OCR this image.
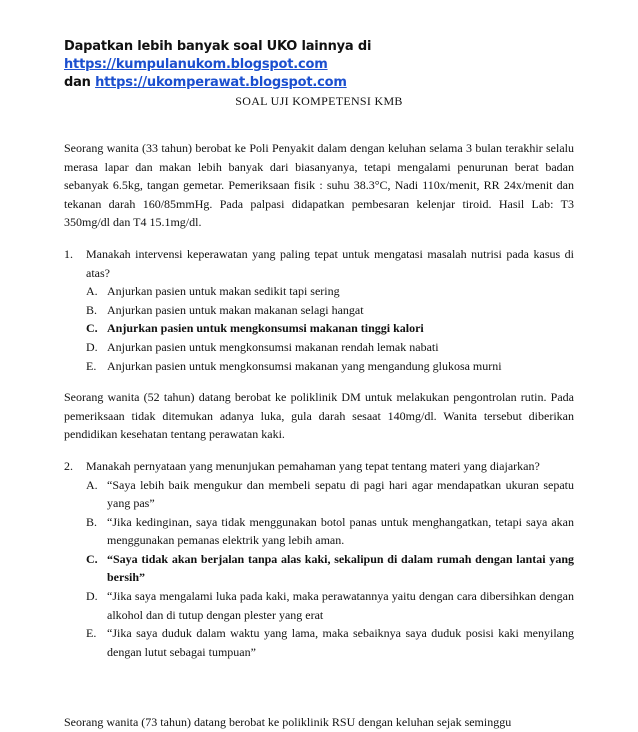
Dapatkan lebih banyak soal UKO lainnya di https://kumpulanukom.blogspot.com
dan https://ukomperawat.blogspot.com
SOAL UJI KOMPETENSI KMB
Seorang wanita (33 tahun) berobat ke Poli Penyakit dalam dengan keluhan selama 3 bulan terakhir selalu merasa lapar dan makan lebih banyak dari biasanyanya, tetapi mengalami penurunan berat badan sebanyak 6.5kg, tangan gemetar. Pemeriksaan fisik : suhu 38.3°C, Nadi 110x/menit, RR 24x/menit dan tekanan darah 160/85mmHg. Pada palpasi didapatkan pembesaran kelenjar tiroid. Hasil Lab: T3 350mg/dl dan T4 15.1mg/dl.
1.	Manakah intervensi keperawatan yang paling tepat untuk mengatasi masalah nutrisi pada kasus di atas?
A. Anjurkan pasien untuk makan sedikit tapi sering
B. Anjurkan pasien untuk makan makanan selagi hangat
C. Anjurkan pasien untuk mengkonsumsi makanan tinggi kalori
D. Anjurkan pasien untuk mengkonsumsi makanan rendah lemak nabati
E. Anjurkan pasien untuk mengkonsumsi makanan yang mengandung glukosa murni
Seorang wanita (52 tahun) datang berobat ke poliklinik DM untuk melakukan pengontrolan rutin. Pada pemeriksaan tidak ditemukan adanya luka, gula darah sesaat 140mg/dl. Wanita tersebut diberikan pendidikan kesehatan tentang perawatan kaki.
2.	Manakah pernyataan yang menunjukan pemahaman yang tepat tentang materi yang diajarkan?
A. “Saya lebih baik mengukur dan membeli sepatu di pagi hari agar mendapatkan ukuran sepatu yang pas”
B. “Jika kedinginan, saya tidak menggunakan botol panas untuk menghangatkan, tetapi saya akan menggunakan pemanas elektrik yang lebih aman.
C. “Saya tidak akan berjalan tanpa alas kaki, sekalipun di dalam rumah dengan lantai yang bersih”
D. “Jika saya mengalami luka pada kaki, maka perawatannya yaitu dengan cara dibersihkan dengan alkohol dan di tutup dengan plester yang erat
E. “Jika saya duduk dalam waktu yang lama, maka sebaiknya saya duduk posisi kaki menyilang dengan lutut sebagai tumpuan”
Seorang wanita (73 tahun) datang berobat ke poliklinik RSU dengan keluhan sejak seminggu
